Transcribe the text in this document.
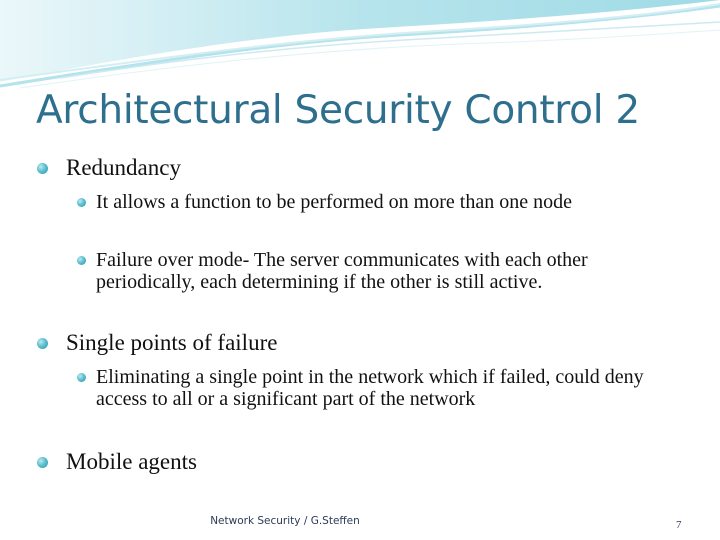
Architectural Security Control 2
Redundancy
It allows a function to be performed on more than one node
Failure over mode- The server communicates with each other periodically, each determining if the other is still active.
Single points of failure
Eliminating a single point in the network which if failed, could deny access to all or a significant part of the network
Mobile agents
Network Security / G.Steffen	7
